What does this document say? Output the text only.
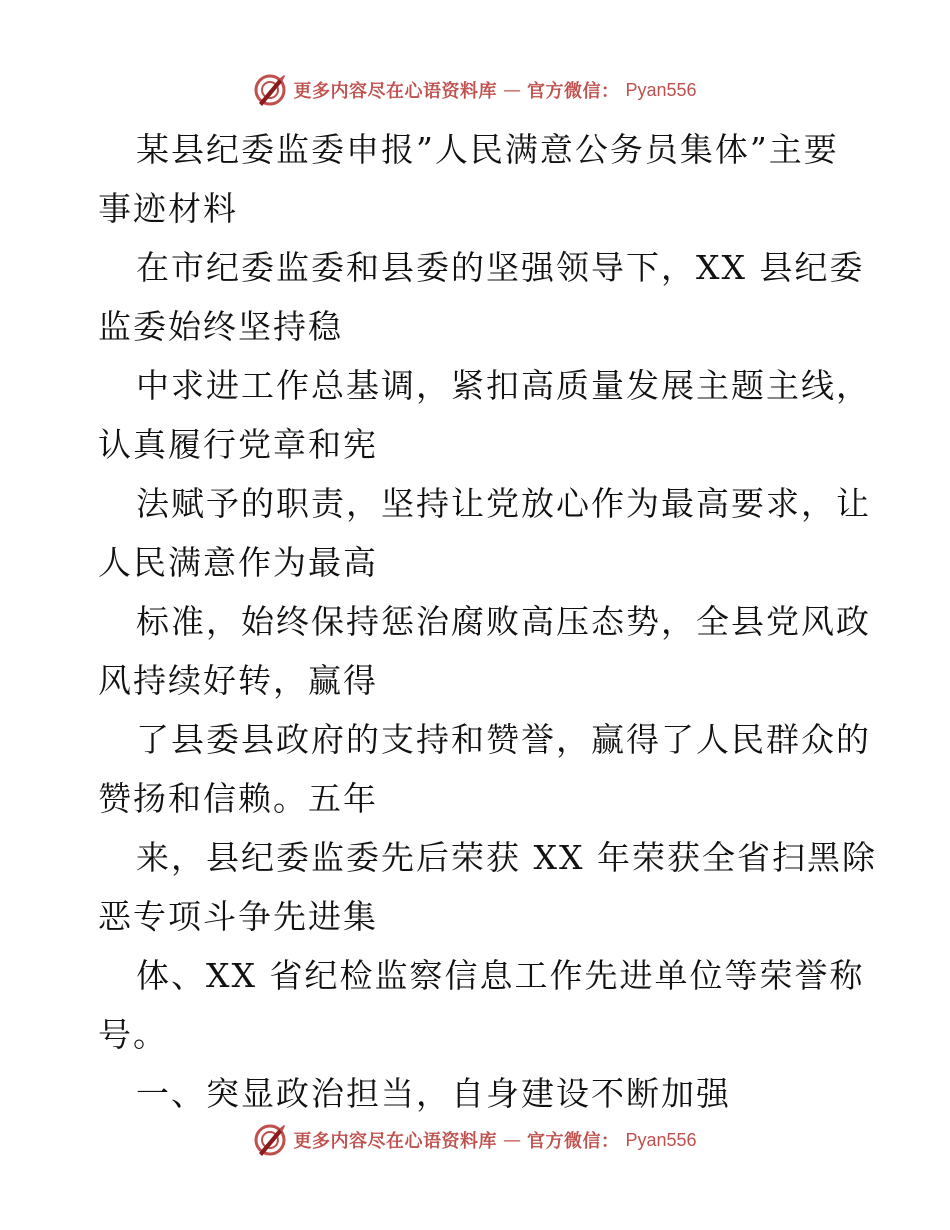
更多内容尽在心语资料库 — 官方微信： Pyan556
某县纪委监委申报”人民满意公务员集体”主要
事迹材料
在市纪委监委和县委的坚强领导下，XX 县纪委
监委始终坚持稳
中求进工作总基调，紧扣高质量发展主题主线，
认真履行党章和宪
法赋予的职责，坚持让党放心作为最高要求，让
人民满意作为最高
标准，始终保持惩治腐败高压态势，全县党风政
风持续好转，赢得
了县委县政府的支持和赞誉，赢得了人民群众的
赞扬和信赖。五年
来，县纪委监委先后荣获 XX 年荣获全省扫黑除
恶专项斗争先进集
体、XX 省纪检监察信息工作先进单位等荣誉称
号。
一、突显政治担当，自身建设不断加强
更多内容尽在心语资料库 — 官方微信： Pyan556
